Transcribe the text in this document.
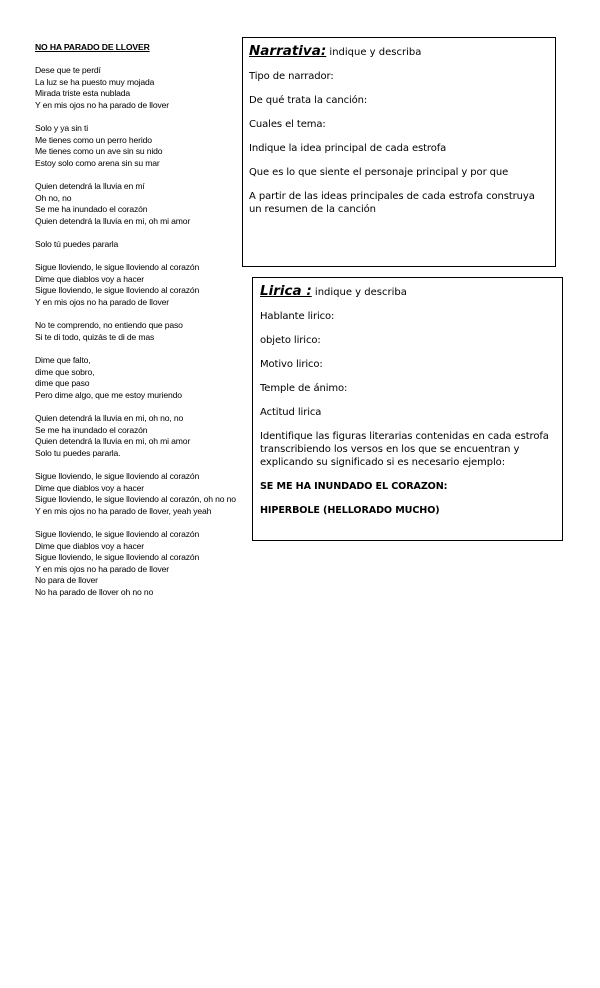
NO HA PARADO DE LLOVER
Dese que te perdí
La luz se ha puesto muy mojada
Mirada triste esta nublada
Y en mis ojos no ha parado de llover
Solo y ya sin ti
Me tienes como un perro herido
Me tienes como un ave sin su nido
Estoy solo como arena sin su mar
Quien detendrá la lluvia en mí
Oh no, no
Se me ha inundado el corazón
Quien detendrá la lluvia en mi, oh mi amor
Solo tú puedes pararla
Sigue lloviendo, le sigue lloviendo al corazón
Dime que diablos voy a hacer
Sigue lloviendo, le sigue lloviendo al corazón
Y en mis ojos no ha parado de llover
No te comprendo, no entiendo que paso
Si te di todo, quizás te di de mas
Dime que falto,
dime que sobro,
dime que paso
Pero dime algo, que me estoy muriendo
Quien detendrá la lluvia en mi, oh no, no
Se me ha inundado el corazón
Quien detendrá la lluvia en mi, oh mi amor
Solo tu puedes pararla.
Sigue lloviendo, le sigue lloviendo al corazón
Dime que diablos voy a hacer
Sigue lloviendo, le sigue lloviendo al corazón, oh no no
Y en mis ojos no ha parado de llover, yeah yeah
Sigue lloviendo, le sigue lloviendo al corazón
Dime que diablos voy a hacer
Sigue lloviendo, le sigue lloviendo al corazón
Y en mis ojos no ha parado de llover
No para de llover
No ha parado de llover oh no no
Narrativa: indique y describa
Tipo de narrador:
De qué trata la canción:
Cuales el tema:
Indique la idea principal de cada estrofa
Que es lo que siente el personaje principal y por que
A partir de las ideas principales de cada estrofa construya un resumen de la canción
Lirica : indique y describa
Hablante lirico:
objeto lirico:
Motivo lirico:
Temple de ánimo:
Actitud lirica
Identifique las figuras literarias contenidas en cada estrofa transcribiendo los versos en los que se encuentran y explicando su significado si es necesario ejemplo:
SE ME HA INUNDADO EL CORAZON:
HIPERBOLE (HELLORADO MUCHO)
